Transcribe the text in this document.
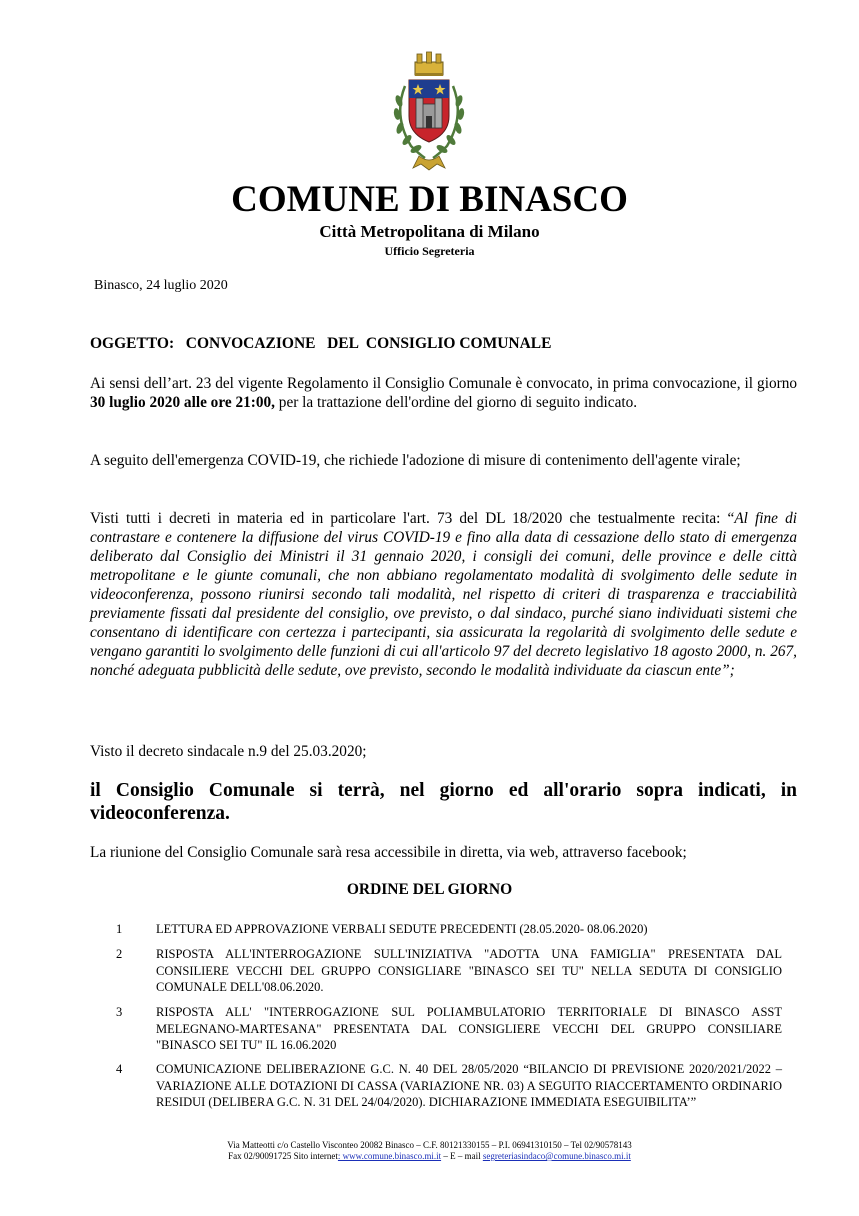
COMUNE DI BINASCO
Città Metropolitana di Milano
Ufficio Segreteria
Binasco, 24 luglio 2020
OGGETTO: CONVOCAZIONE   DEL  CONSIGLIO COMUNALE
Ai sensi dell’art. 23 del vigente Regolamento il Consiglio Comunale è convocato, in prima convocazione, il giorno 30 luglio 2020 alle ore 21:00, per la trattazione dell'ordine del giorno di seguito indicato.
A seguito dell'emergenza COVID-19, che richiede l'adozione di misure di contenimento dell'agente virale;
Visti tutti i decreti in materia ed in particolare l'art. 73 del DL 18/2020 che testualmente recita: “Al fine di contrastare e contenere la diffusione del virus COVID-19 e fino alla data di cessazione dello stato di emergenza deliberato dal Consiglio dei Ministri il 31 gennaio 2020, i consigli dei comuni, delle province e delle città metropolitane e le giunte comunali, che non abbiano regolamentato modalità di svolgimento delle sedute in videoconferenza, possono riunirsi secondo tali modalità, nel rispetto di criteri di trasparenza e tracciabilità previamente fissati dal presidente del consiglio, ove previsto, o dal sindaco, purché siano individuati sistemi che consentano di identificare con certezza i partecipanti, sia assicurata la regolarità di svolgimento delle sedute e vengano garantiti lo svolgimento delle funzioni di cui all'articolo 97 del decreto legislativo 18 agosto 2000, n. 267, nonché adeguata pubblicità delle sedute, ove previsto, secondo le modalità individuate da ciascun ente”;
Visto il decreto sindacale n.9 del 25.03.2020;
il Consiglio Comunale si terrà, nel giorno ed all'orario sopra indicati, in videoconferenza.
La riunione del Consiglio Comunale sarà resa accessibile in diretta, via web, attraverso facebook;
ORDINE DEL GIORNO
1	LETTURA ED APPROVAZIONE VERBALI SEDUTE PRECEDENTI (28.05.2020- 08.06.2020)
2	RISPOSTA ALL'INTERROGAZIONE SULL'INIZIATIVA "ADOTTA UNA FAMIGLIA" PRESENTATA DAL CONSILIERE VECCHI DEL GRUPPO CONSIGLIARE "BINASCO SEI TU" NELLA SEDUTA DI CONSIGLIO COMUNALE DELL'08.06.2020.
3	RISPOSTA ALL' "INTERROGAZIONE SUL POLIAMBULATORIO TERRITORIALE DI BINASCO ASST MELEGNANO-MARTESANA" PRESENTATA DAL CONSIGLIERE VECCHI DEL GRUPPO CONSILIARE "BINASCO SEI TU" IL 16.06.2020
4	COMUNICAZIONE DELIBERAZIONE G.C. N. 40 DEL 28/05/2020 “BILANCIO DI PREVISIONE 2020/2021/2022 – VARIAZIONE ALLE DOTAZIONI DI CASSA (VARIAZIONE NR. 03) A SEGUITO RIACCERTAMENTO ORDINARIO RESIDUI (DELIBERA G.C. N. 31 DEL 24/04/2020). DICHIARAZIONE IMMEDIATA ESEGUIBILITA’”
Via Matteotti c/o Castello Visconteo 20082 Binasco – C.F. 80121330155 – P.I. 06941310150 – Tel 02/90578143
Fax 02/90091725 Sito internet: www.comune.binasco.mi.it – E – mail segreteriasindaco@comune.binasco.mi.it
